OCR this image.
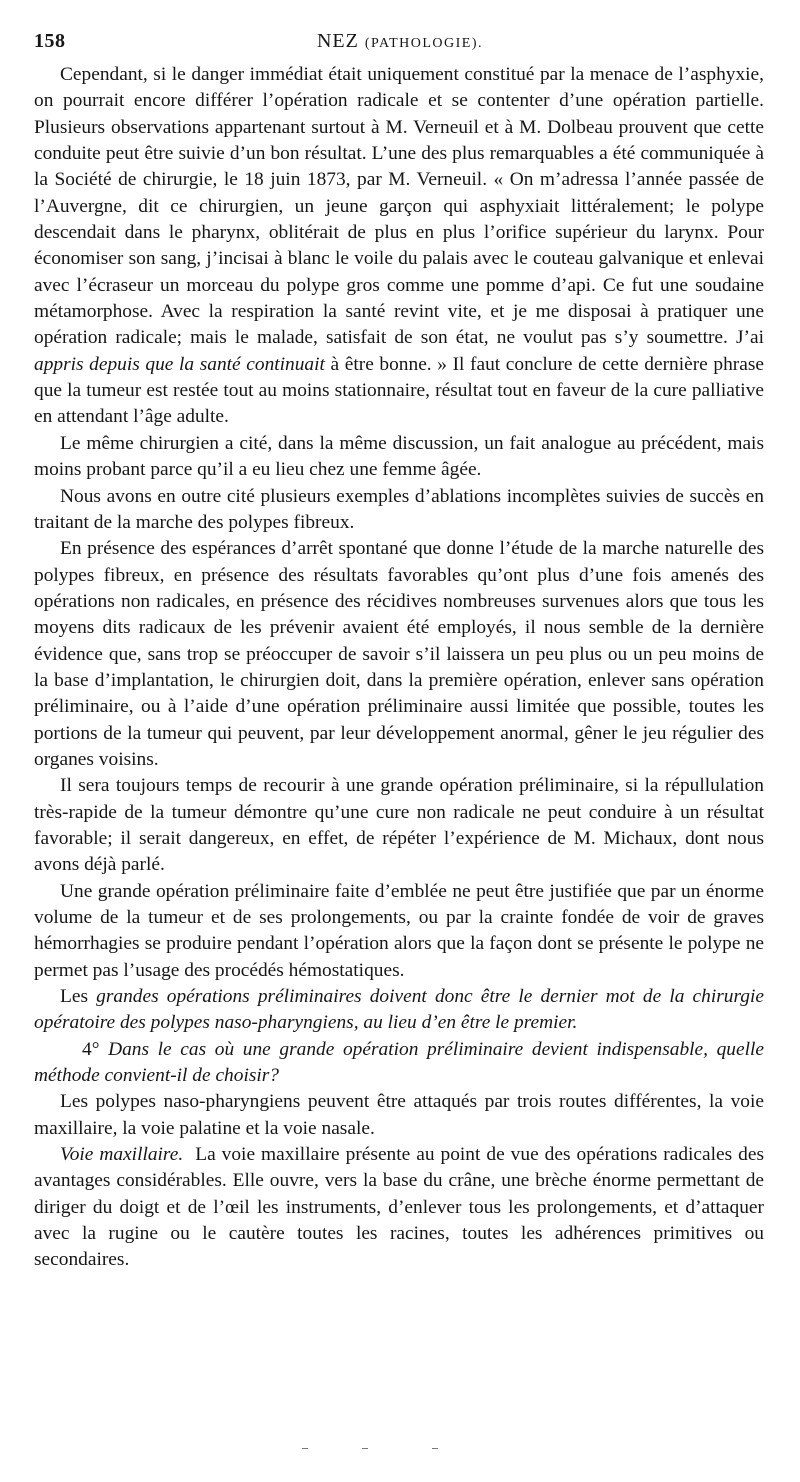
158	NEZ (PATHOLOGIE).

Cependant, si le danger immédiat était uniquement constitué par la menace de l’asphyxie, on pourrait encore différer l’opération radicale et se contenter d’une opération partielle. Plusieurs observations appartenant surtout à M. Verneuil et à M. Dolbeau prouvent que cette conduite peut être suivie d’un bon résultat. L’une des plus remarquables a été communiquée à la Société de chirurgie, le 18 juin 1873, par M. Verneuil. « On m’adressa l’année passée de l’Auvergne, dit ce chirurgien, un jeune garçon qui asphyxiait littéralement; le polype descendait dans le pharynx, oblitérait de plus en plus l’orifice supérieur du larynx. Pour économiser son sang, j’incisai à blanc le voile du palais avec le couteau galvanique et enlevai avec l’écraseur un morceau du polype gros comme une pomme d’api. Ce fut une soudaine métamorphose. Avec la respiration la santé revint vite, et je me disposai à pratiquer une opération radicale; mais le malade, satisfait de son état, ne voulut pas s’y soumettre. J’ai appris depuis que la santé continuait à être bonne. » Il faut conclure de cette dernière phrase que la tumeur est restée tout au moins stationnaire, résultat tout en faveur de la cure palliative en attendant l’âge adulte.

Le même chirurgien a cité, dans la même discussion, un fait analogue au précédent, mais moins probant parce qu’il a eu lieu chez une femme âgée.

Nous avons en outre cité plusieurs exemples d’ablations incomplètes suivies de succès en traitant de la marche des polypes fibreux.

En présence des espérances d’arrêt spontané que donne l’étude de la marche naturelle des polypes fibreux, en présence des résultats favorables qu’ont plus d’une fois amenés des opérations non radicales, en présence des récidives nombreuses survenues alors que tous les moyens dits radicaux de les prévenir avaient été employés, il nous semble de la dernière évidence que, sans trop se préoccuper de savoir s’il laissera un peu plus ou un peu moins de la base d’implantation, le chirurgien doit, dans la première opération, enlever sans opération préliminaire, ou à l’aide d’une opération préliminaire aussi limitée que possible, toutes les portions de la tumeur qui peuvent, par leur développement anormal, gêner le jeu régulier des organes voisins.

Il sera toujours temps de recourir à une grande opération préliminaire, si la répullulation très-rapide de la tumeur démontre qu’une cure non radicale ne peut conduire à un résultat favorable; il serait dangereux, en effet, de répéter l’expérience de M. Michaux, dont nous avons déjà parlé.

Une grande opération préliminaire faite d’emblée ne peut être justifiée que par un énorme volume de la tumeur et de ses prolongements, ou par la crainte fondée de voir de graves hémorrhagies se produire pendant l’opération alors que la façon dont se présente le polype ne permet pas l’usage des procédés hémostatiques.

Les grandes opérations préliminaires doivent donc être le dernier mot de la chirurgie opératoire des polypes naso-pharyngiens, au lieu d’en être le premier.

4° Dans le cas où une grande opération préliminaire devient indispensable, quelle méthode convient-il de choisir?

Les polypes naso-pharyngiens peuvent être attaqués par trois routes différentes, la voie maxillaire, la voie palatine et la voie nasale.

Voie maxillaire. La voie maxillaire présente au point de vue des opérations radicales des avantages considérables. Elle ouvre, vers la base du crâne, une brèche énorme permettant de diriger du doigt et de l’œil les instruments, d’enlever tous les prolongements, et d’attaquer avec la rugine ou le cautère toutes les racines, toutes les adhérences primitives ou secondaires.
